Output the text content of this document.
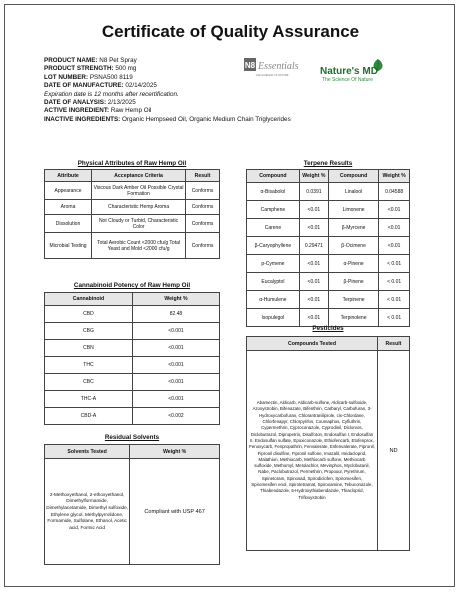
Certificate of Quality Assurance
PRODUCT NAME: N8 Pet Spray
PRODUCT STRENGTH: 500 mg
LOT NUMBER: PSNA500 8119
DATE OF MANUFACTURE: 02/14/2025
Expiration date is 12 months after recertification.
DATE OF ANALYSIS: 2/13/2025
ACTIVE INGREDIENT: Raw Hemp Oil
INACTIVE INGREDIENTS: Organic Hempseed Oil, Organic Medium Chain Triglycerides
N8 Essentials
THE SCIENCE OF NATURE	Nature's MD
The Science Of Nature
Physical Attributes of Raw Hemp Oil
Attribute	Acceptance Criteria	Result
Appearance	Viscous Dark Amber Oil Possible Crystal Formation	Conforms
Aroma	Characteristic Hemp Aroma	Conforms
Dissolution	Not Cloudy or Turbid, Characteristic Color	Conforms
Microbial Testing	Total Aerobic Count <2000 cfu/g Total Yeast and Mold <2000 cfu/g	Conforms
Cannabinoid Potency of Raw Hemp Oil
Cannabinoid	Weight %
CBD	82.48
CBG	<0.001
CBN	<0.001
THC	<0.001
CBC	<0.001
THC-A	<0.001
CBD-A	<0.002
Residual Solvents
Solvents Tested	Weight %
2-Methoxyethanol, 2-ethoxyethanol, Dimethylformamide, Dimethylacetamide, Dimethyl sulfoxide, Ethylene glycol, Methylpyrrolidone, Formamide, Sulfolane, Ethanol, Acetic acid, Formic Acid	Compliant with USP 467
Terpene Results
Compound	Weight %	Compound	Weight %
α-Bisabolol	0.0391	Linalool	0.04588
Camphene	<0.01	Limonene	<0.01
Carene	<0.01	β-Myrcene	<0.01
β-Caryophyllene	0.29471	β-Ocimene	<0.01
p-Cymene	<0.01	α-Pinene	< 0.01
Eucalyptol	<0.01	β-Pinene	< 0.01
α-Humulene	<0.01	Terpinene	< 0.01
Isopulegol	<0.01	Terpinolene	< 0.01
Pesticides
Compounds Tested	Result
Abamectin, Aldicarb, Aldicarb-sulfone, Aldicarb-sulfoxide, Azoxystrobin, Bifenazate, Bifenthrin, Carbaryl, Carbofuran, 3-Hydroxycarbofuran, Chlorantraniliprole, cis-Chlordane, Chlorfenapyr, Chlorpyrifos, Coumaphos, Cyfluthrin, Cypermethrin, Cyproconazole, Cyprodinil, Diclorvos, Diclobutrazol, Dipropetrin, Disulfoton, Endosulfan I, Endosulfan II, Endosulfan sulfate, Epoxiconazole, Ethiofencarb, Etofenprox, Fenoxycarb, Fenpropathrin, Fenvalerate, Esfenvalerate, Fipronil, Fipronil disulfine, Fipronil sulfone, Imazalil, Imidacloprid, Malathion, Methiocarb, Methiocarb sulfone, Methiocarb sulfoxide, Methomyl, Metolachlor, Mevinphos, Myclobutanil, Nabe, Paclobutrazol, Permethrin, Propoxur, Pyrethrum, Spinetoram, Spinosad, Spirodiclofen, Spiromesifen, Spiromesifen enol, Spirotetramat, Spiroxamine, Tebuconazole, Thiabendazole, 5-Hydroxythiabendazole, Thiacloprid, Trifloxystrobin	ND
